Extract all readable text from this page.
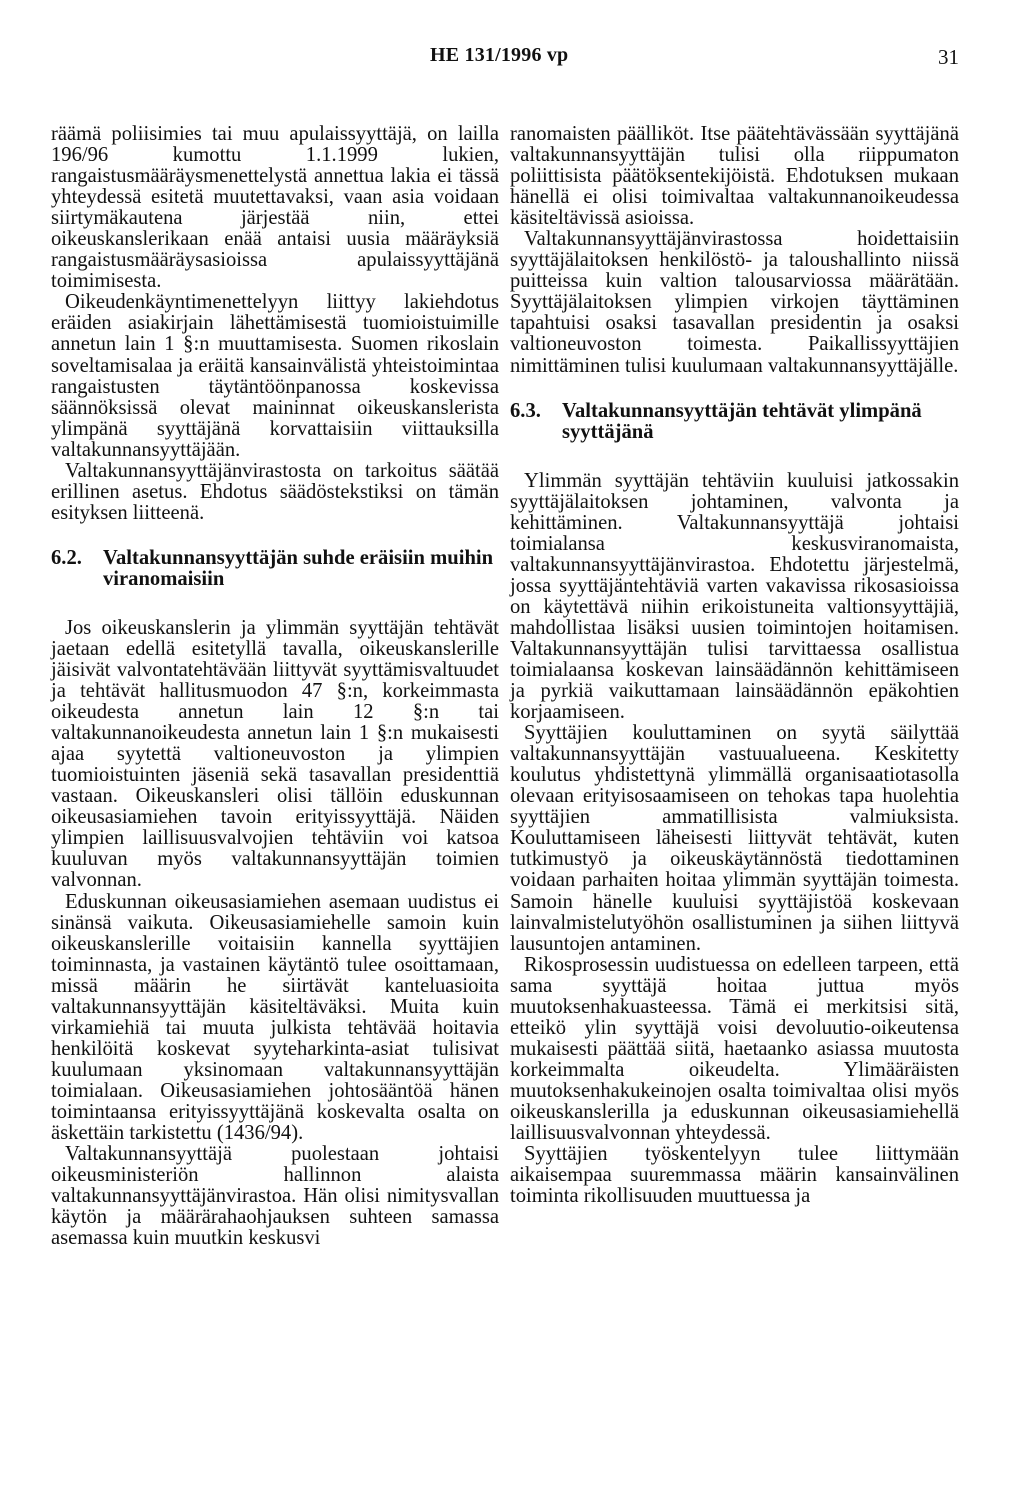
HE 131/1996 vp	31

räämä poliisimies tai muu apulaissyyttäjä, on lailla 196/96 kumottu 1.1.1999 lukien, rangaistusmääräysmenettelystä annettua lakia ei tässä yhteydessä esitetä muutettavaksi, vaan asia voidaan siirtymäkautena järjestää niin, ettei oikeuskanslerikaan enää antaisi uusia määräyksiä rangaistusmääräysasioissa apulaissyyttäjänä toimimisesta.

Oikeudenkäyntimenettelyyn liittyy lakiehdotus eräiden asiakirjain lähettämisestä tuomioistuimille annetun lain 1 §:n muuttamisesta. Suomen rikoslain soveltamisalaa ja eräitä kansainvälistä yhteistoimintaa rangaistusten täytäntöönpanossa koskevissa säännöksissä olevat maininnat oikeuskanslerista ylimpänä syyttäjänä korvattaisiin viittauksilla valtakunnansyyttäjään.

Valtakunnansyyttäjänvirastosta on tarkoitus säätää erillinen asetus. Ehdotus säädöstekstiksi on tämän esityksen liitteenä.

6.2.	Valtakunnansyyttäjän suhde eräisiin muihin viranomaisiin

Jos oikeuskanslerin ja ylimmän syyttäjän tehtävät jaetaan edellä esitetyllä tavalla, oikeuskanslerille jäisivät valvontatehtävään liittyvät syyttämisvaltuudet ja tehtävät hallitusmuodon 47 §:n, korkeimmasta oikeudesta annetun lain 12 §:n tai valtakunnanoikeudesta annetun lain 1 §:n mukaisesti ajaa syytettä valtioneuvoston ja ylimpien tuomioistuinten jäseniä sekä tasavallan presidenttiä vastaan. Oikeuskansleri olisi tällöin eduskunnan oikeusasiamiehen tavoin erityissyyttäjä. Näiden ylimpien laillisuusvalvojien tehtäviin voi katsoa kuuluvan myös valtakunnansyyttäjän toimien valvonnan.

Eduskunnan oikeusasiamiehen asemaan uudistus ei sinänsä vaikuta. Oikeusasiamiehelle samoin kuin oikeuskanslerille voitaisiin kannella syyttäjien toiminnasta, ja vastainen käytäntö tulee osoittamaan, missä määrin he siirtävät kanteluasioita valtakunnansyyttäjän käsiteltäväksi. Muita kuin virkamiehiä tai muuta julkista tehtävää hoitavia henkilöitä koskevat syyteharkinta-asiat tulisivat kuulumaan yksinomaan valtakunnansyyttäjän toimialaan. Oikeusasiamiehen johtosääntöä hänen toimintaansa erityissyyttäjänä koskevalta osalta on äskettäin tarkistettu (1436/94).

Valtakunnansyyttäjä puolestaan johtaisi oikeusministeriön hallinnon alaista valtakunnansyyttäjänvirastoa. Hän olisi nimitysvallan käytön ja määrärahaohjauksen suhteen samassa asemassa kuin muutkin keskusvi

ranomaisten päälliköt. Itse päätehtävässään syyttäjänä valtakunnansyyttäjän tulisi olla riippumaton poliittisista päätöksentekijöistä. Ehdotuksen mukaan hänellä ei olisi toimivaltaa valtakunnanoikeudessa käsiteltävissä asioissa.

Valtakunnansyyttäjänvirastossa hoidettaisiin syyttäjälaitoksen henkilöstö- ja taloushallinto niissä puitteissa kuin valtion talousarviossa määrätään. Syyttäjälaitoksen ylimpien virkojen täyttäminen tapahtuisi osaksi tasavallan presidentin ja osaksi valtioneuvoston toimesta. Paikallissyyttäjien nimittäminen tulisi kuulumaan valtakunnansyyttäjälle.

6.3.	Valtakunnansyyttäjän tehtävät ylimpänä syyttäjänä

Ylimmän syyttäjän tehtäviin kuuluisi jatkossakin syyttäjälaitoksen johtaminen, valvonta ja kehittäminen. Valtakunnansyyttäjä johtaisi toimialansa keskusviranomaista, valtakunnansyyttäjänvirastoa. Ehdotettu järjestelmä, jossa syyttäjäntehtäviä varten vakavissa rikosasioissa on käytettävä niihin erikoistuneita valtionsyyttäjiä, mahdollistaa lisäksi uusien toimintojen hoitamisen. Valtakunnansyyttäjän tulisi tarvittaessa osallistua toimialaansa koskevan lainsäädännön kehittämiseen ja pyrkiä vaikuttamaan lainsäädännön epäkohtien korjaamiseen.

Syyttäjien kouluttaminen on syytä säilyttää valtakunnansyyttäjän vastuualueena. Keskitetty koulutus yhdistettynä ylimmällä organisaatiotasolla olevaan erityisosaamiseen on tehokas tapa huolehtia syyttäjien ammatillisista valmiuksista. Kouluttamiseen läheisesti liittyvät tehtävät, kuten tutkimustyö ja oikeuskäytännöstä tiedottaminen voidaan parhaiten hoitaa ylimmän syyttäjän toimesta. Samoin hänelle kuuluisi syyttäjistöä koskevaan lainvalmistelutyöhön osallistuminen ja siihen liittyvä lausuntojen antaminen.

Rikosprosessin uudistuessa on edelleen tarpeen, että sama syyttäjä hoitaa juttua myös muutoksenhakuasteessa. Tämä ei merkitsisi sitä, etteikö ylin syyttäjä voisi devoluutio-oikeutensa mukaisesti päättää siitä, haetaanko asiassa muutosta korkeimmalta oikeudelta. Ylimääräisten muutoksenhakukeinojen osalta toimivaltaa olisi myös oikeuskanslerilla ja eduskunnan oikeusasiamiehellä laillisuusvalvonnan yhteydessä.

Syyttäjien työskentelyyn tulee liittymään aikaisempaa suuremmassa määrin kansainvälinen toiminta rikollisuuden muuttuessa ja
